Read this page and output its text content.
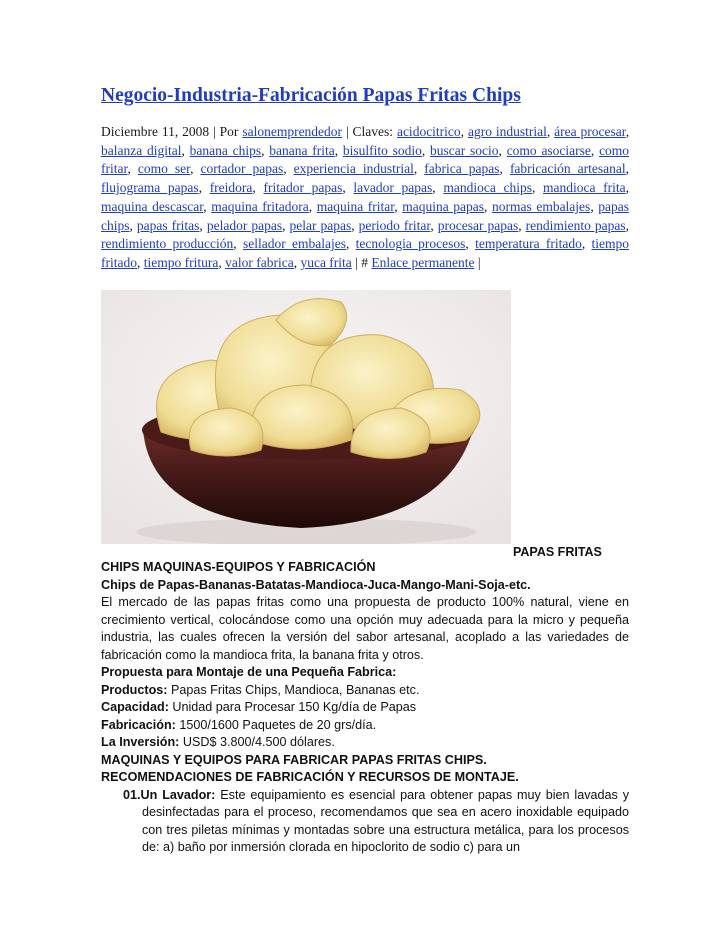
Negocio-Industria-Fabricación Papas Fritas Chips
Diciembre 11, 2008 | Por salonemprendedor | Claves: acidocitrico, agro industrial, área procesar, balanza digital, banana chips, banana frita, bisulfito sodio, buscar socio, como asociarse, como fritar, como ser, cortador papas, experiencia industrial, fabrica papas, fabricación artesanal, flujograma papas, freidora, fritador papas, lavador papas, mandioca chips, mandioca frita, maquina descascar, maquina fritadora, maquina fritar, maquina papas, normas embalajes, papas chips, papas fritas, pelador papas, pelar papas, periodo fritar, procesar papas, rendimiento papas, rendimiento producción, sellador embalajes, tecnologia procesos, temperatura fritado, tiempo fritado, tiempo fritura, valor fabrica, yuca frita | # Enlace permanente |
PAPAS FRITAS

CHIPS MAQUINAS-EQUIPOS Y FABRICACIÓN

Chips de Papas-Bananas-Batatas-Mandioca-Juca-Mango-Mani-Soja-etc.

El mercado de las papas fritas como una propuesta de producto 100% natural, viene en crecimiento vertical, colocándose como una opción muy adecuada para la micro y pequeña industria, las cuales ofrecen la versión del sabor artesanal, acoplado a las variedades de fabricación como la mandioca frita, la banana frita y otros.

Propuesta para Montaje de una Pequeña Fabrica:

Productos: Papas Fritas Chips, Mandioca, Bananas etc.

Capacidad: Unidad para Procesar 150 Kg/día de Papas

Fabricación: 1500/1600 Paquetes de 20 grs/día.

La Inversión: USD$ 3.800/4.500 dólares.

MAQUINAS Y EQUIPOS PARA FABRICAR PAPAS FRITAS CHIPS.

RECOMENDACIONES DE FABRICACIÓN Y RECURSOS DE MONTAJE.

01.Un Lavador: Este equipamiento es esencial para obtener papas muy bien lavadas y desinfectadas para el proceso, recomendamos que sea en acero inoxidable equipado con tres piletas mínimas y montadas sobre una estructura metálica, para los procesos de: a) baño por inmersión clorada en hipoclorito de sodio c) para un
